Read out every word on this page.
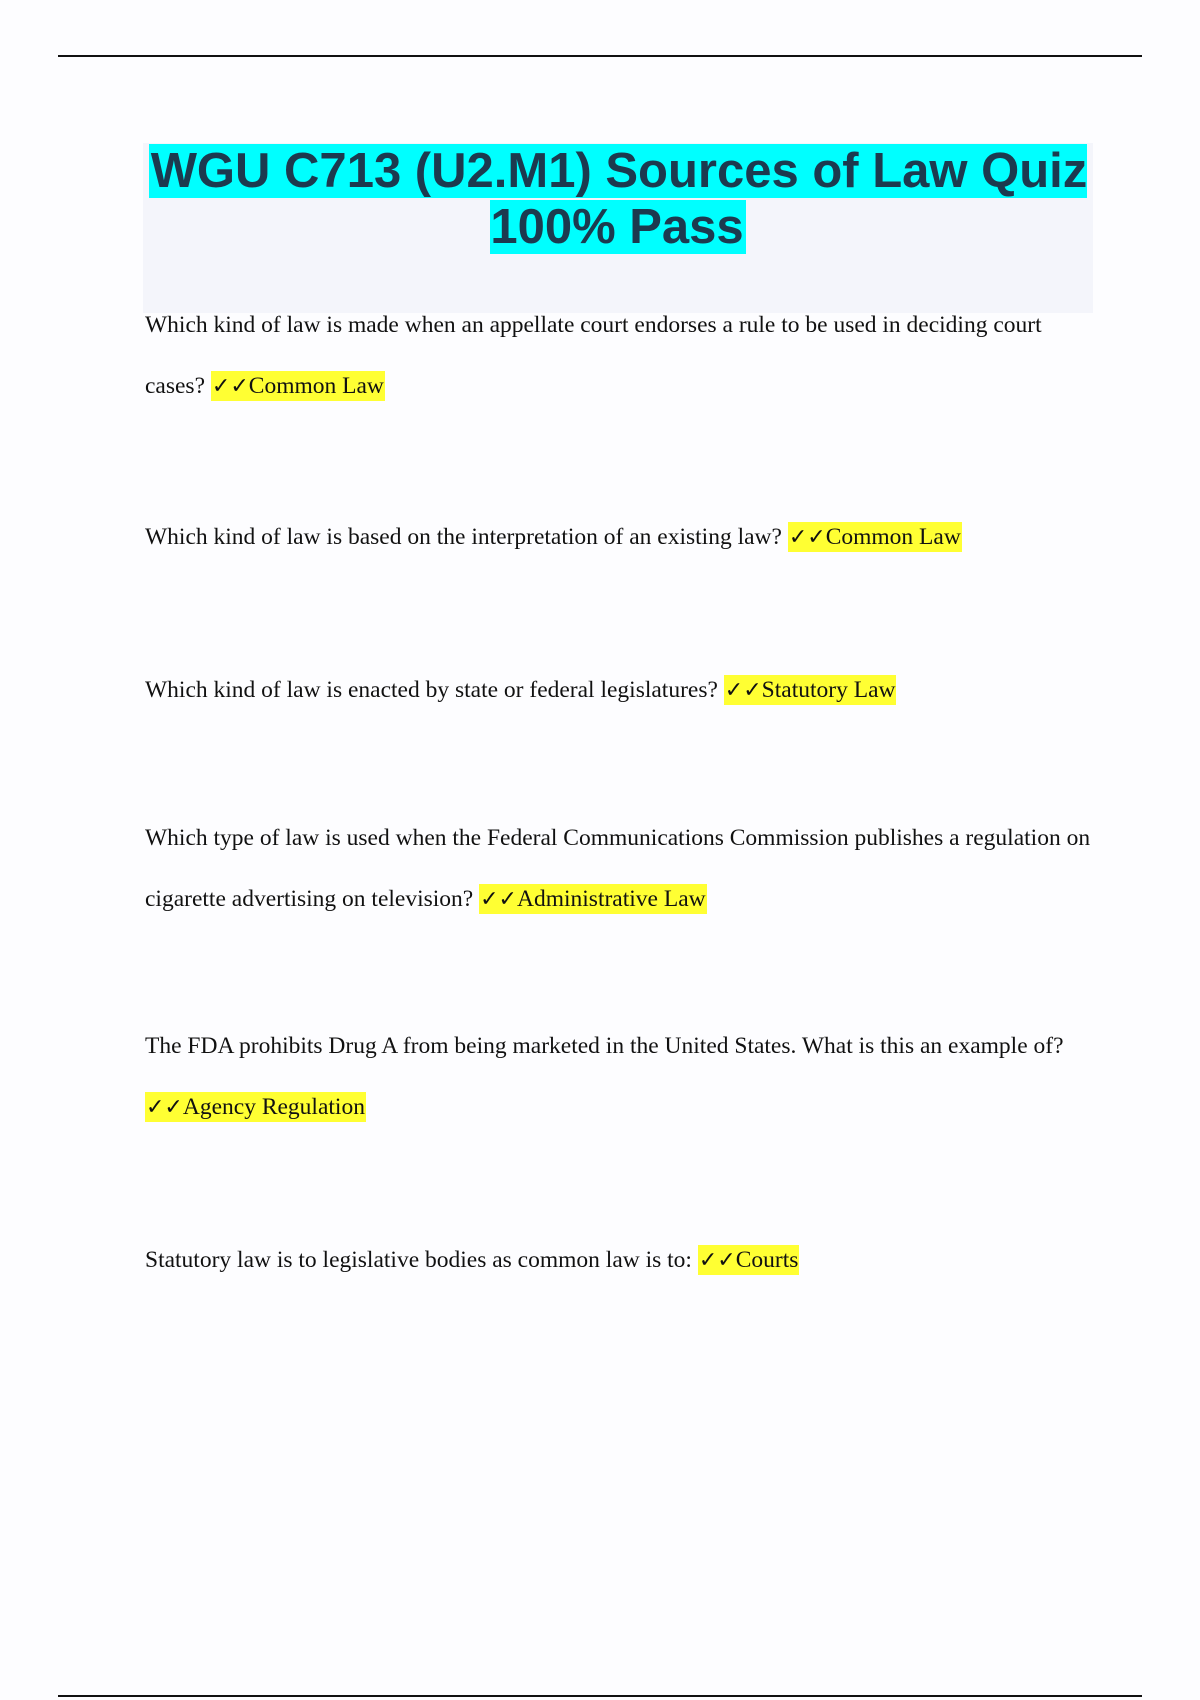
WGU C713 (U2.M1) Sources of Law Quiz 100% Pass

Which kind of law is made when an appellate court endorses a rule to be used in deciding court cases? ✓✓Common Law

Which kind of law is based on the interpretation of an existing law? ✓✓Common Law

Which kind of law is enacted by state or federal legislatures? ✓✓Statutory Law

Which type of law is used when the Federal Communications Commission publishes a regulation on cigarette advertising on television? ✓✓Administrative Law

The FDA prohibits Drug A from being marketed in the United States. What is this an example of? ✓✓Agency Regulation

Statutory law is to legislative bodies as common law is to: ✓✓Courts
